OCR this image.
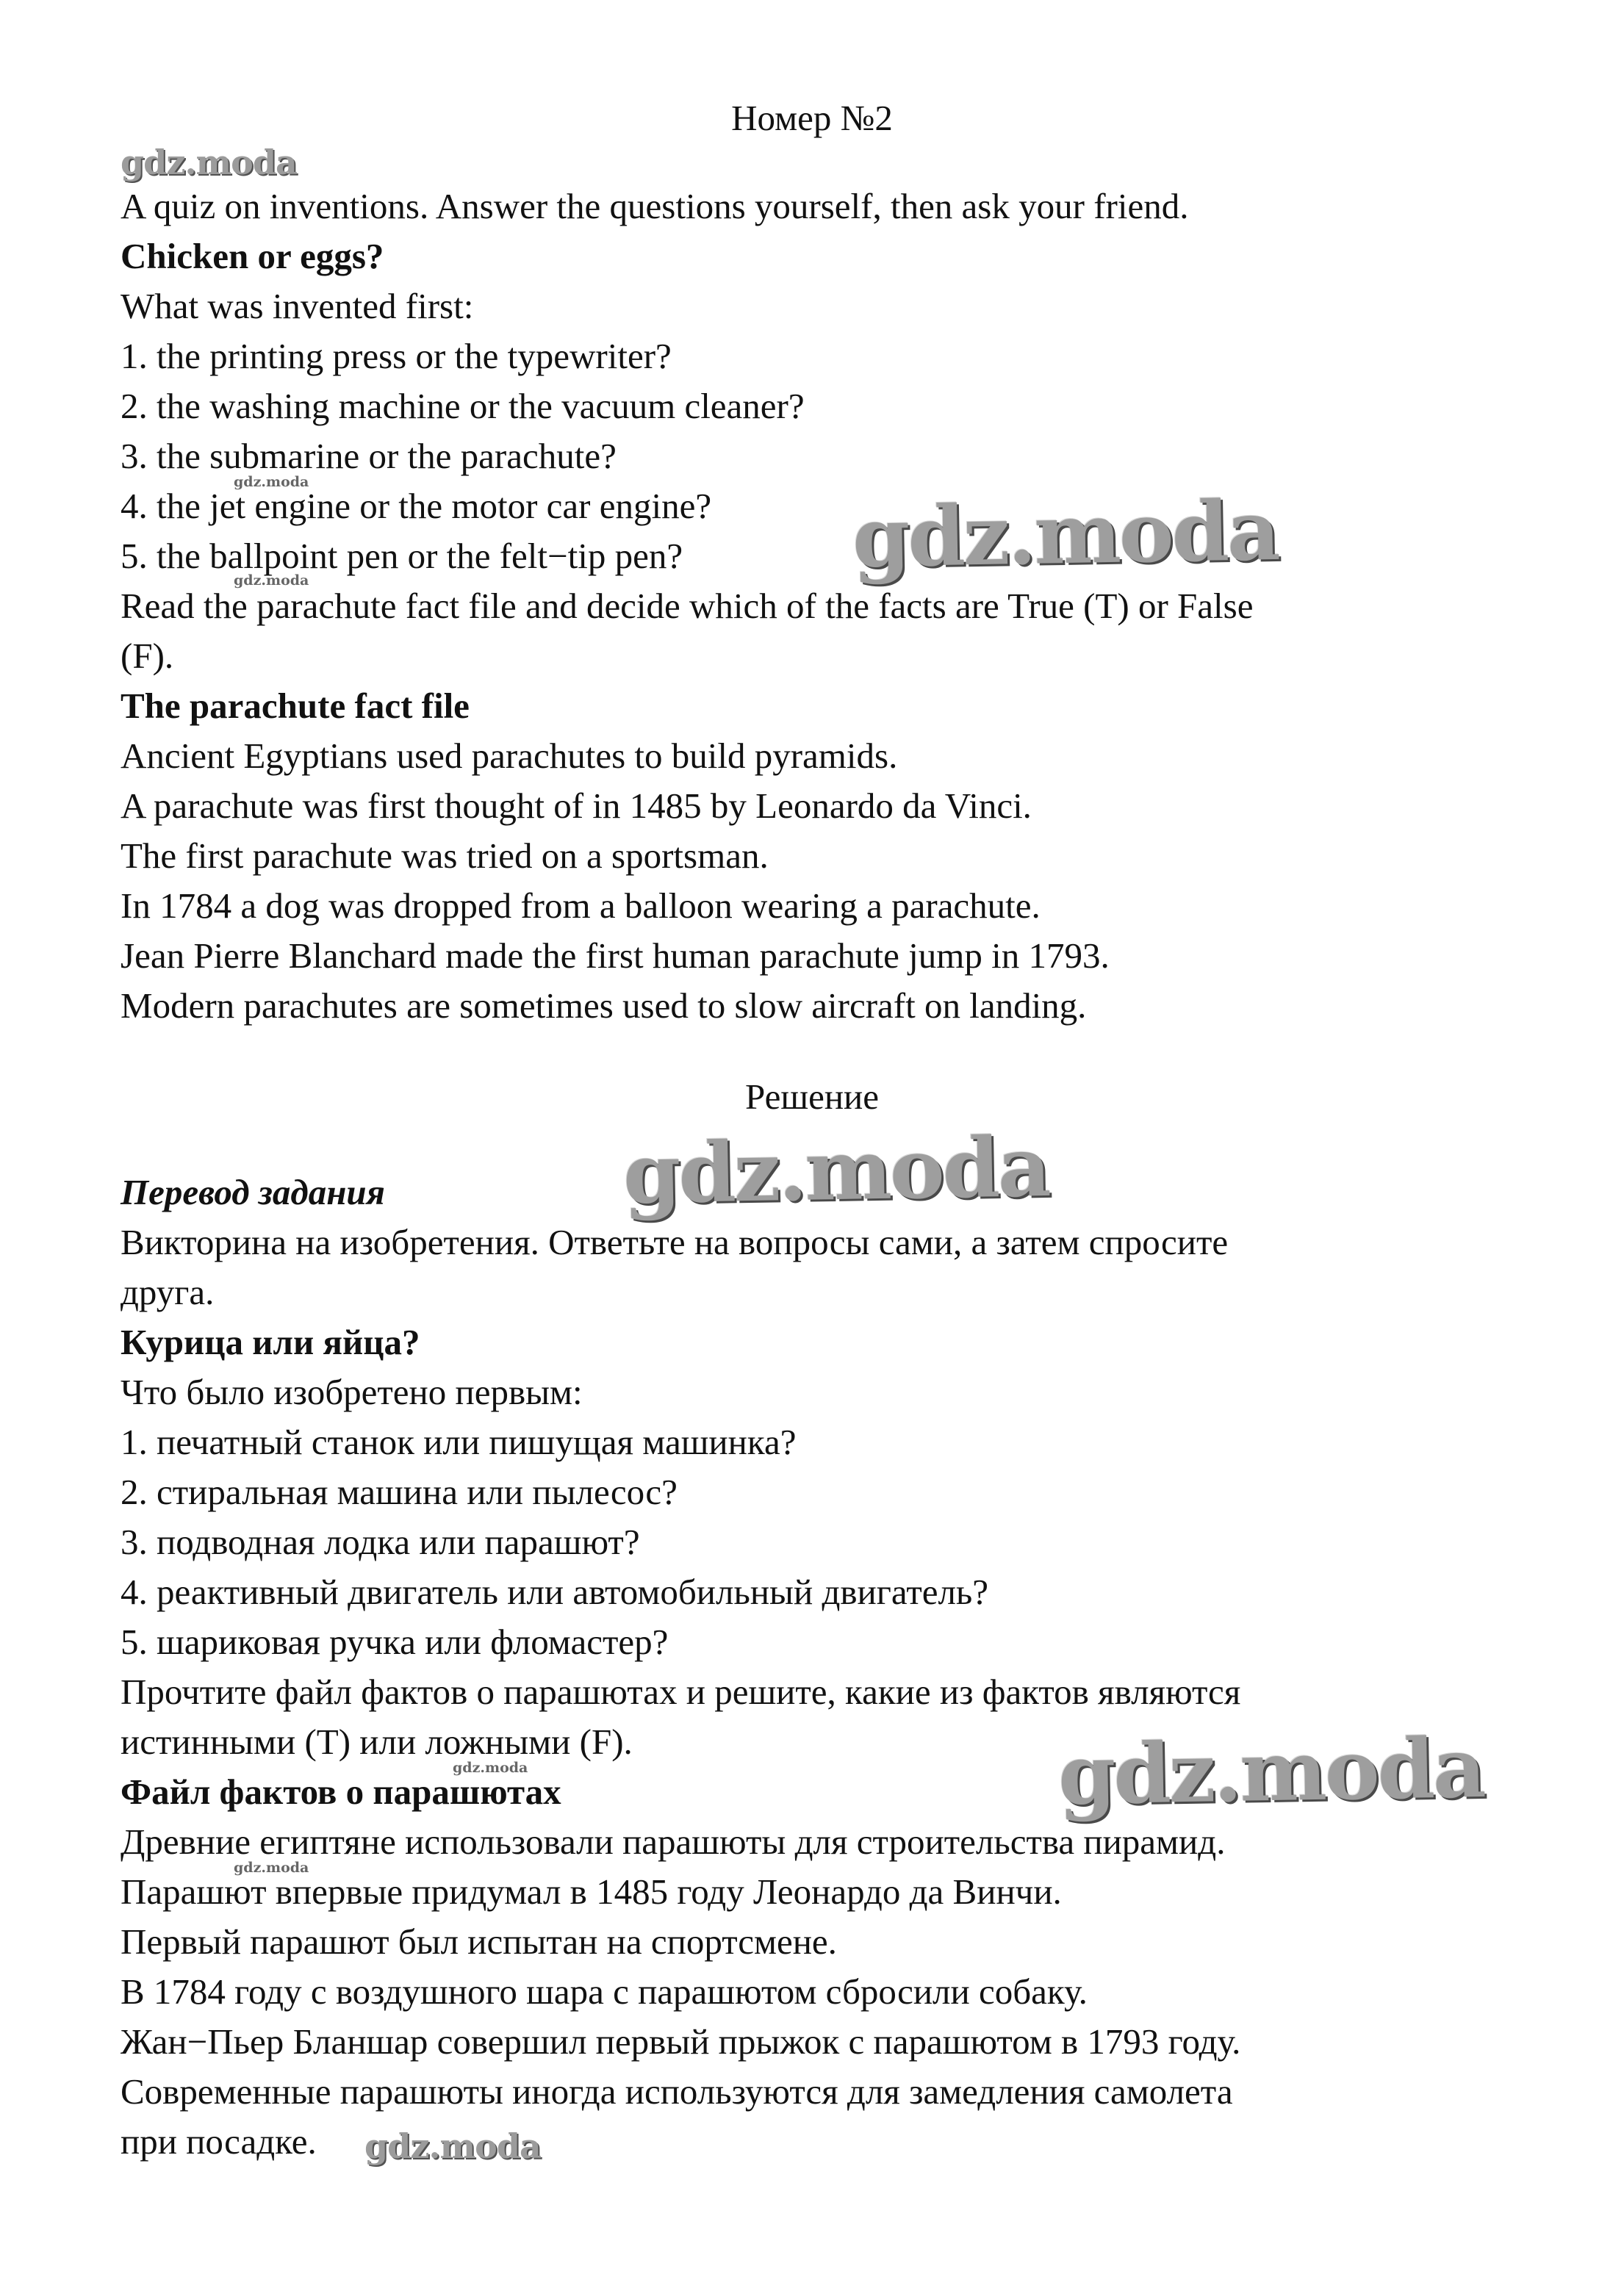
Номер №2

A quiz on inventions. Answer the questions yourself, then ask your friend.

Chicken or eggs?

What was invented first:

1. the printing press or the typewriter?

2. the washing machine or the vacuum cleaner?

3. the submarine or the parachute?

4. the jet engine or the motor car engine?

5. the ballpoint pen or the felt−tip pen?

Read the parachute fact file and decide which of the facts are True (T) or False

(F).

The parachute fact file

Ancient Egyptians used parachutes to build pyramids.

A parachute was first thought of in 1485 by Leonardo da Vinci.

The first parachute was tried on a sportsman.

In 1784 a dog was dropped from a balloon wearing a parachute.

Jean Pierre Blanchard made the first human parachute jump in 1793.

Modern parachutes are sometimes used to slow aircraft on landing.

Решение

Перевод задания

Викторина на изобретения. Ответьте на вопросы сами, а затем спросите

друга.

Курица или яйца?

Что было изобретено первым:

1. печатный станок или пишущая машинка?

2. стиральная машина или пылесос?

3. подводная лодка или парашют?

4. реактивный двигатель или автомобильный двигатель?

5. шариковая ручка или фломастер?

Прочтите файл фактов о парашютах и решите, какие из фактов являются

истинными (T) или ложными (F).

Файл фактов о парашютах

Древние египтяне использовали парашюты для строительства пирамид.

Парашют впервые придумал в 1485 году Леонардо да Винчи.

Первый парашют был испытан на спортсмене.

В 1784 году с воздушного шара с парашютом сбросили собаку.

Жан−Пьер Бланшар совершил первый прыжок с парашютом в 1793 году.

Современные парашюты иногда используются для замедления самолета

при посадке.

gdz.moda
gdz.moda
gdz.moda	gdz.moda
gdz.moda
gdz.moda	gdz.moda
gdz.moda
gdz.moda
